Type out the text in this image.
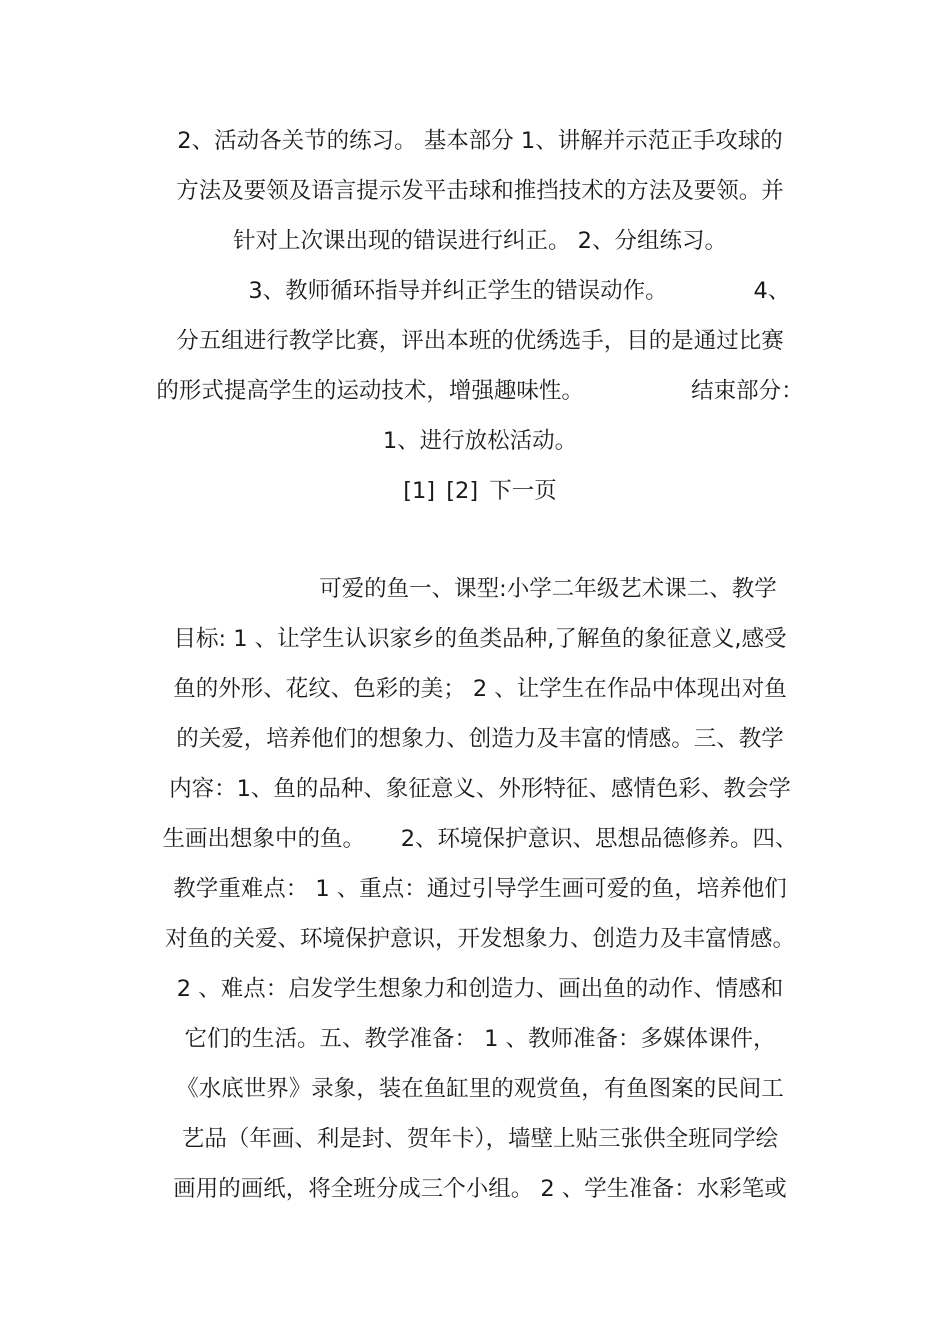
2、活动各关节的练习。 基本部分 1、讲解并示范正手攻球的
方法及要领及语言提示发平击球和推挡技术的方法及要领。并
针对上次课出现的错误进行纠正。 2、分组练习。
3、教师循环指导并纠正学生的错误动作。            4、
分五组进行教学比赛，评出本班的优绣选手，目的是通过比赛
的形式提高学生的运动技术，增强趣味性。               结束部分：
1、进行放松活动。
[1] [2] 下一页
可爱的鱼一、课型:小学二年级艺术课二、教学
目标: 1 、让学生认识家乡的鱼类品种,了解鱼的象征意义,感受
鱼的外形、花纹、色彩的美； 2 、让学生在作品中体现出对鱼
的关爱，培养他们的想象力、创造力及丰富的情感。三、教学
内容：1、鱼的品种、象征意义、外形特征、感情色彩、教会学
生画出想象中的鱼。     2、环境保护意识、思想品德修养。四、
教学重难点： 1 、重点：通过引导学生画可爱的鱼，培养他们
对鱼的关爱、环境保护意识，开发想象力、创造力及丰富情感。
2 、难点：启发学生想象力和创造力、画出鱼的动作、情感和
它们的生活。五、教学准备： 1 、教师准备：多媒体课件，
《水底世界》录象，装在鱼缸里的观赏鱼，有鱼图案的民间工
艺品（年画、利是封、贺年卡），墙壁上贴三张供全班同学绘
画用的画纸，将全班分成三个小组。 2 、学生准备：水彩笔或
